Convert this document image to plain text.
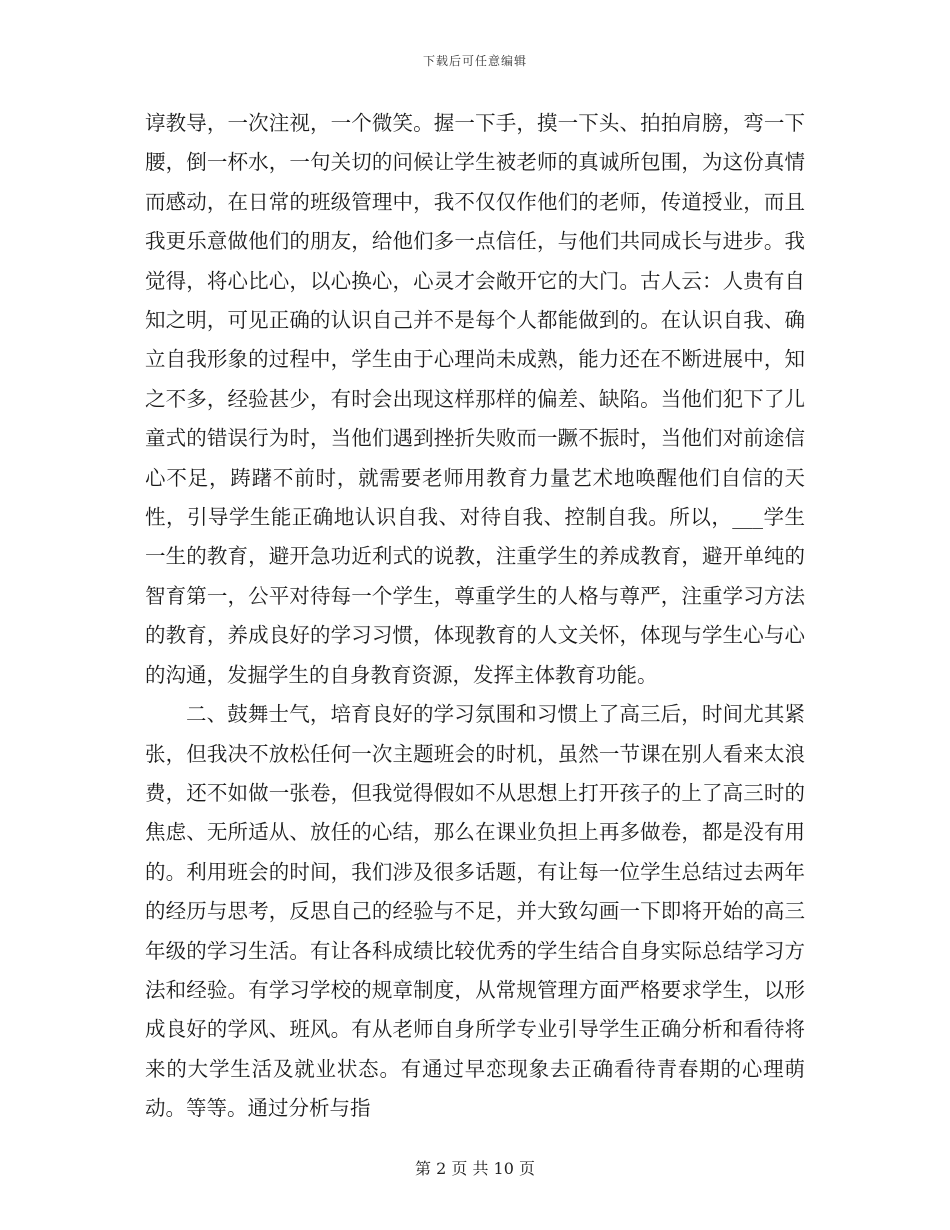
下载后可任意编辑

谆教导，一次注视，一个微笑。握一下手，摸一下头、拍拍肩膀，弯一下腰，倒一杯水，一句关切的问候让学生被老师的真诚所包围，为这份真情而感动，在日常的班级管理中，我不仅仅作他们的老师，传道授业，而且我更乐意做他们的朋友，给他们多一点信任，与他们共同成长与进步。我觉得，将心比心，以心换心，心灵才会敞开它的大门。古人云：人贵有自知之明，可见正确的认识自己并不是每个人都能做到的。在认识自我、确立自我形象的过程中，学生由于心理尚未成熟，能力还在不断进展中，知之不多，经验甚少，有时会出现这样那样的偏差、缺陷。当他们犯下了儿童式的错误行为时，当他们遇到挫折失败而一蹶不振时，当他们对前途信心不足，踌躇不前时，就需要老师用教育力量艺术地唤醒他们自信的天性，引导学生能正确地认识自我、对待自我、控制自我。所以，___学生一生的教育，避开急功近利式的说教，注重学生的养成教育，避开单纯的智育第一，公平对待每一个学生，尊重学生的人格与尊严，注重学习方法的教育，养成良好的学习习惯，体现教育的人文关怀，体现与学生心与心的沟通，发掘学生的自身教育资源，发挥主体教育功能。

二、鼓舞士气，培育良好的学习氛围和习惯上了高三后，时间尤其紧张，但我决不放松任何一次主题班会的时机，虽然一节课在别人看来太浪费，还不如做一张卷，但我觉得假如不从思想上打开孩子的上了高三时的焦虑、无所适从、放任的心结，那么在课业负担上再多做卷，都是没有用的。利用班会的时间，我们涉及很多话题，有让每一位学生总结过去两年的经历与思考，反思自己的经验与不足，并大致勾画一下即将开始的高三年级的学习生活。有让各科成绩比较优秀的学生结合自身实际总结学习方法和经验。有学习学校的规章制度，从常规管理方面严格要求学生，以形成良好的学风、班风。有从老师自身所学专业引导学生正确分析和看待将来的大学生活及就业状态。有通过早恋现象去正确看待青春期的心理萌动。等等。通过分析与指

第 2 页 共 10 页
